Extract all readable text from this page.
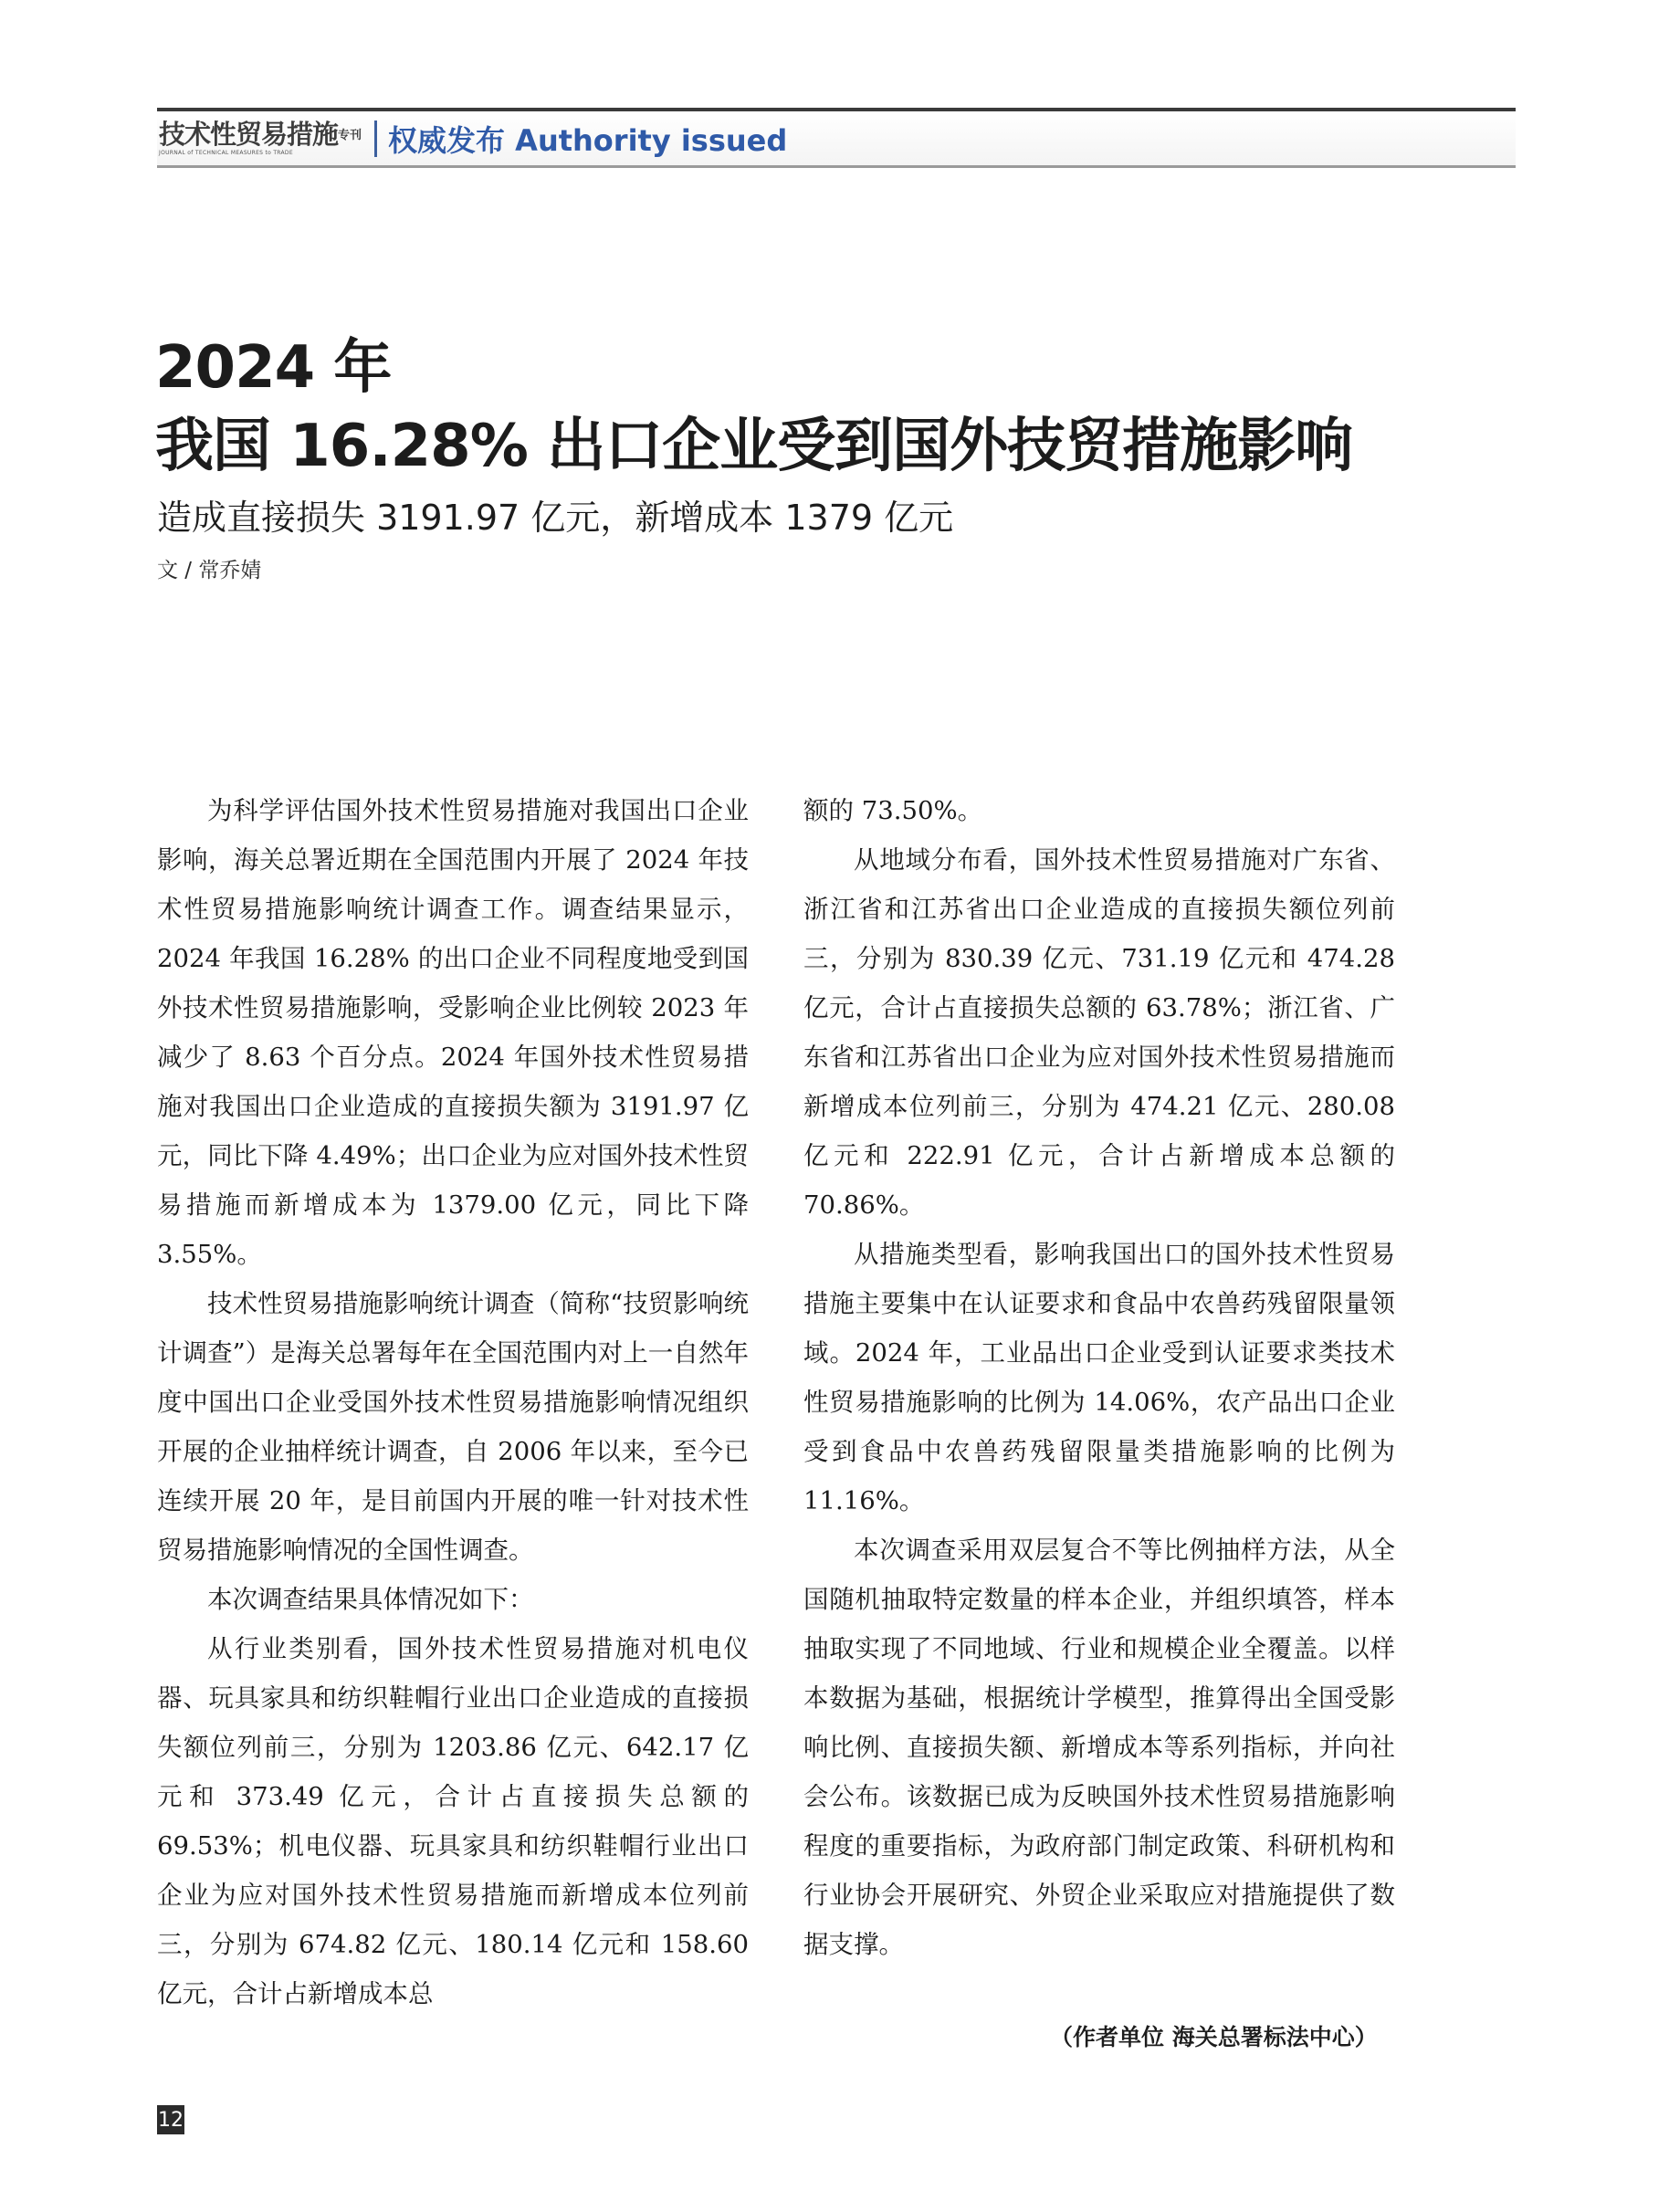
技术性贸易措施专刊
JOURNAL of TECHNICAL MEASURES to TRADE	权威发布 Authority issued
2024 年
我国 16.28% 出口企业受到国外技贸措施影响
造成直接损失 3191.97 亿元，新增成本 1379 亿元
文 / 常乔婧

为科学评估国外技术性贸易措施对我国出口企业影响，海关总署近期在全国范围内开展了 2024 年技术性贸易措施影响统计调查工作。调查结果显示，2024 年我国 16.28% 的出口企业不同程度地受到国外技术性贸易措施影响，受影响企业比例较 2023 年减少了 8.63 个百分点。2024 年国外技术性贸易措施对我国出口企业造成的直接损失额为 3191.97 亿元，同比下降 4.49%；出口企业为应对国外技术性贸易措施而新增成本为 1379.00 亿元，同比下降 3.55%。

技术性贸易措施影响统计调查（简称“技贸影响统计调查”）是海关总署每年在全国范围内对上一自然年度中国出口企业受国外技术性贸易措施影响情况组织开展的企业抽样统计调查，自 2006 年以来，至今已连续开展 20 年，是目前国内开展的唯一针对技术性贸易措施影响情况的全国性调查。

本次调查结果具体情况如下：

从行业类别看，国外技术性贸易措施对机电仪器、玩具家具和纺织鞋帽行业出口企业造成的直接损失额位列前三，分别为 1203.86 亿元、642.17 亿元和 373.49 亿元，合计占直接损失总额的 69.53%；机电仪器、玩具家具和纺织鞋帽行业出口企业为应对国外技术性贸易措施而新增成本位列前三，分别为 674.82 亿元、180.14 亿元和 158.60 亿元，合计占新增成本总

额的 73.50%。

从地域分布看，国外技术性贸易措施对广东省、浙江省和江苏省出口企业造成的直接损失额位列前三，分别为 830.39 亿元、731.19 亿元和 474.28 亿元，合计占直接损失总额的 63.78%；浙江省、广东省和江苏省出口企业为应对国外技术性贸易措施而新增成本位列前三，分别为 474.21 亿元、280.08 亿元和 222.91 亿元，合计占新增成本总额的 70.86%。

从措施类型看，影响我国出口的国外技术性贸易措施主要集中在认证要求和食品中农兽药残留限量领域。2024 年，工业品出口企业受到认证要求类技术性贸易措施影响的比例为 14.06%，农产品出口企业受到食品中农兽药残留限量类措施影响的比例为 11.16%。

本次调查采用双层复合不等比例抽样方法，从全国随机抽取特定数量的样本企业，并组织填答，样本抽取实现了不同地域、行业和规模企业全覆盖。以样本数据为基础，根据统计学模型，推算得出全国受影响比例、直接损失额、新增成本等系列指标，并向社会公布。该数据已成为反映国外技术性贸易措施影响程度的重要指标，为政府部门制定政策、科研机构和行业协会开展研究、外贸企业采取应对措施提供了数据支撑。

（作者单位 海关总署标法中心）
12
